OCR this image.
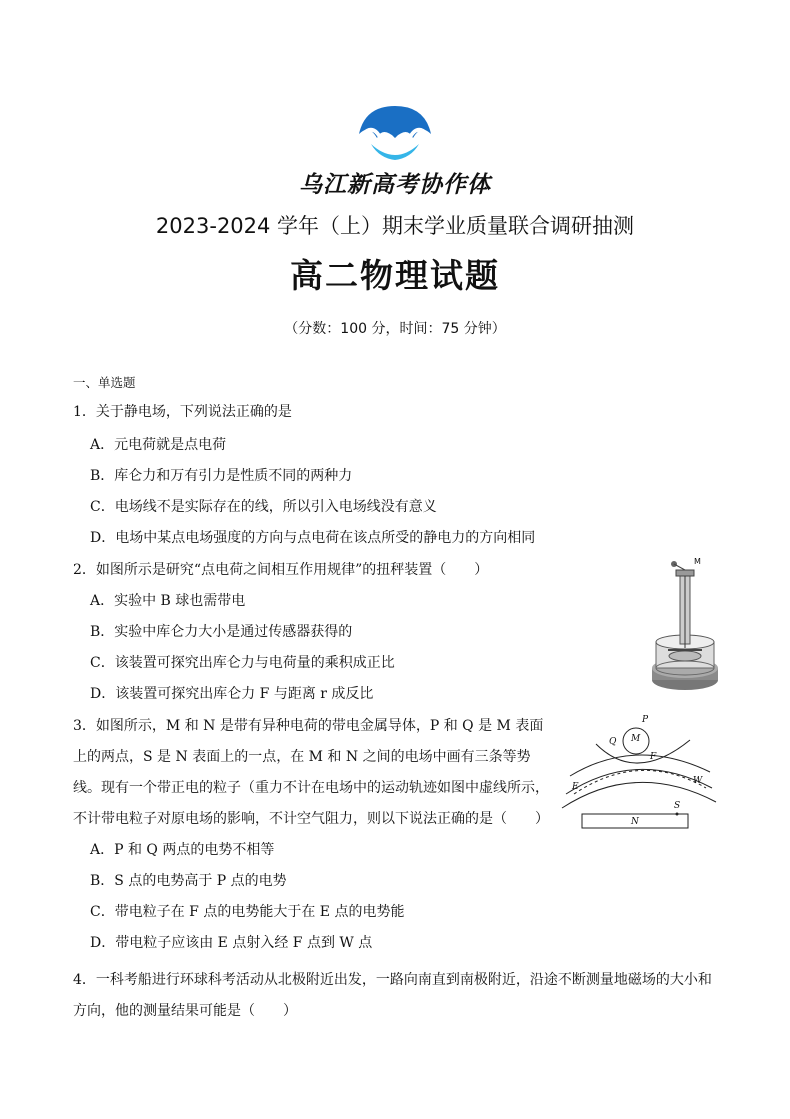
乌江新高考协作体
2023-2024 学年（上）期末学业质量联合调研抽测
高二物理试题
（分数：100 分，时间：75 分钟）
一、单选题
1．关于静电场，下列说法正确的是
A．元电荷就是点电荷
B．库仑力和万有引力是性质不同的两种力
C．电场线不是实际存在的线，所以引入电场线没有意义
D．电场中某点电场强度的方向与点电荷在该点所受的静电力的方向相同
2．如图所示是研究“点电荷之间相互作用规律”的扭秤装置（　　）
A．实验中 B 球也需带电
B．实验中库仑力大小是通过传感器获得的
C．该装置可探究出库仑力与电荷量的乘积成正比
D．该装置可探究出库仑力 F 与距离 r 成反比
M
3．如图所示，M 和 N 是带有异种电荷的带电金属导体，P 和 Q 是 M 表面上的两点，S 是 N 表面上的一点，在 M 和 N 之间的电场中画有三条等势线。现有一个带正电的粒子（重力不计在电场中的运动轨迹如图中虚线所示，不计带电粒子对原电场的影响，不计空气阻力，则以下说法正确的是（　　）
A．P 和 Q 两点的电势不相等
B．S 点的电势高于 P 点的电势
C．带电粒子在 F 点的电势能大于在 E 点的电势能
D．带电粒子应该由 E 点射入经 F 点到 W 点
P
Q M
F
E
W
S
N
4．一科考船进行环球科考活动从北极附近出发，一路向南直到南极附近，沿途不断测量地磁场的大小和方向，他的测量结果可能是（　　）
